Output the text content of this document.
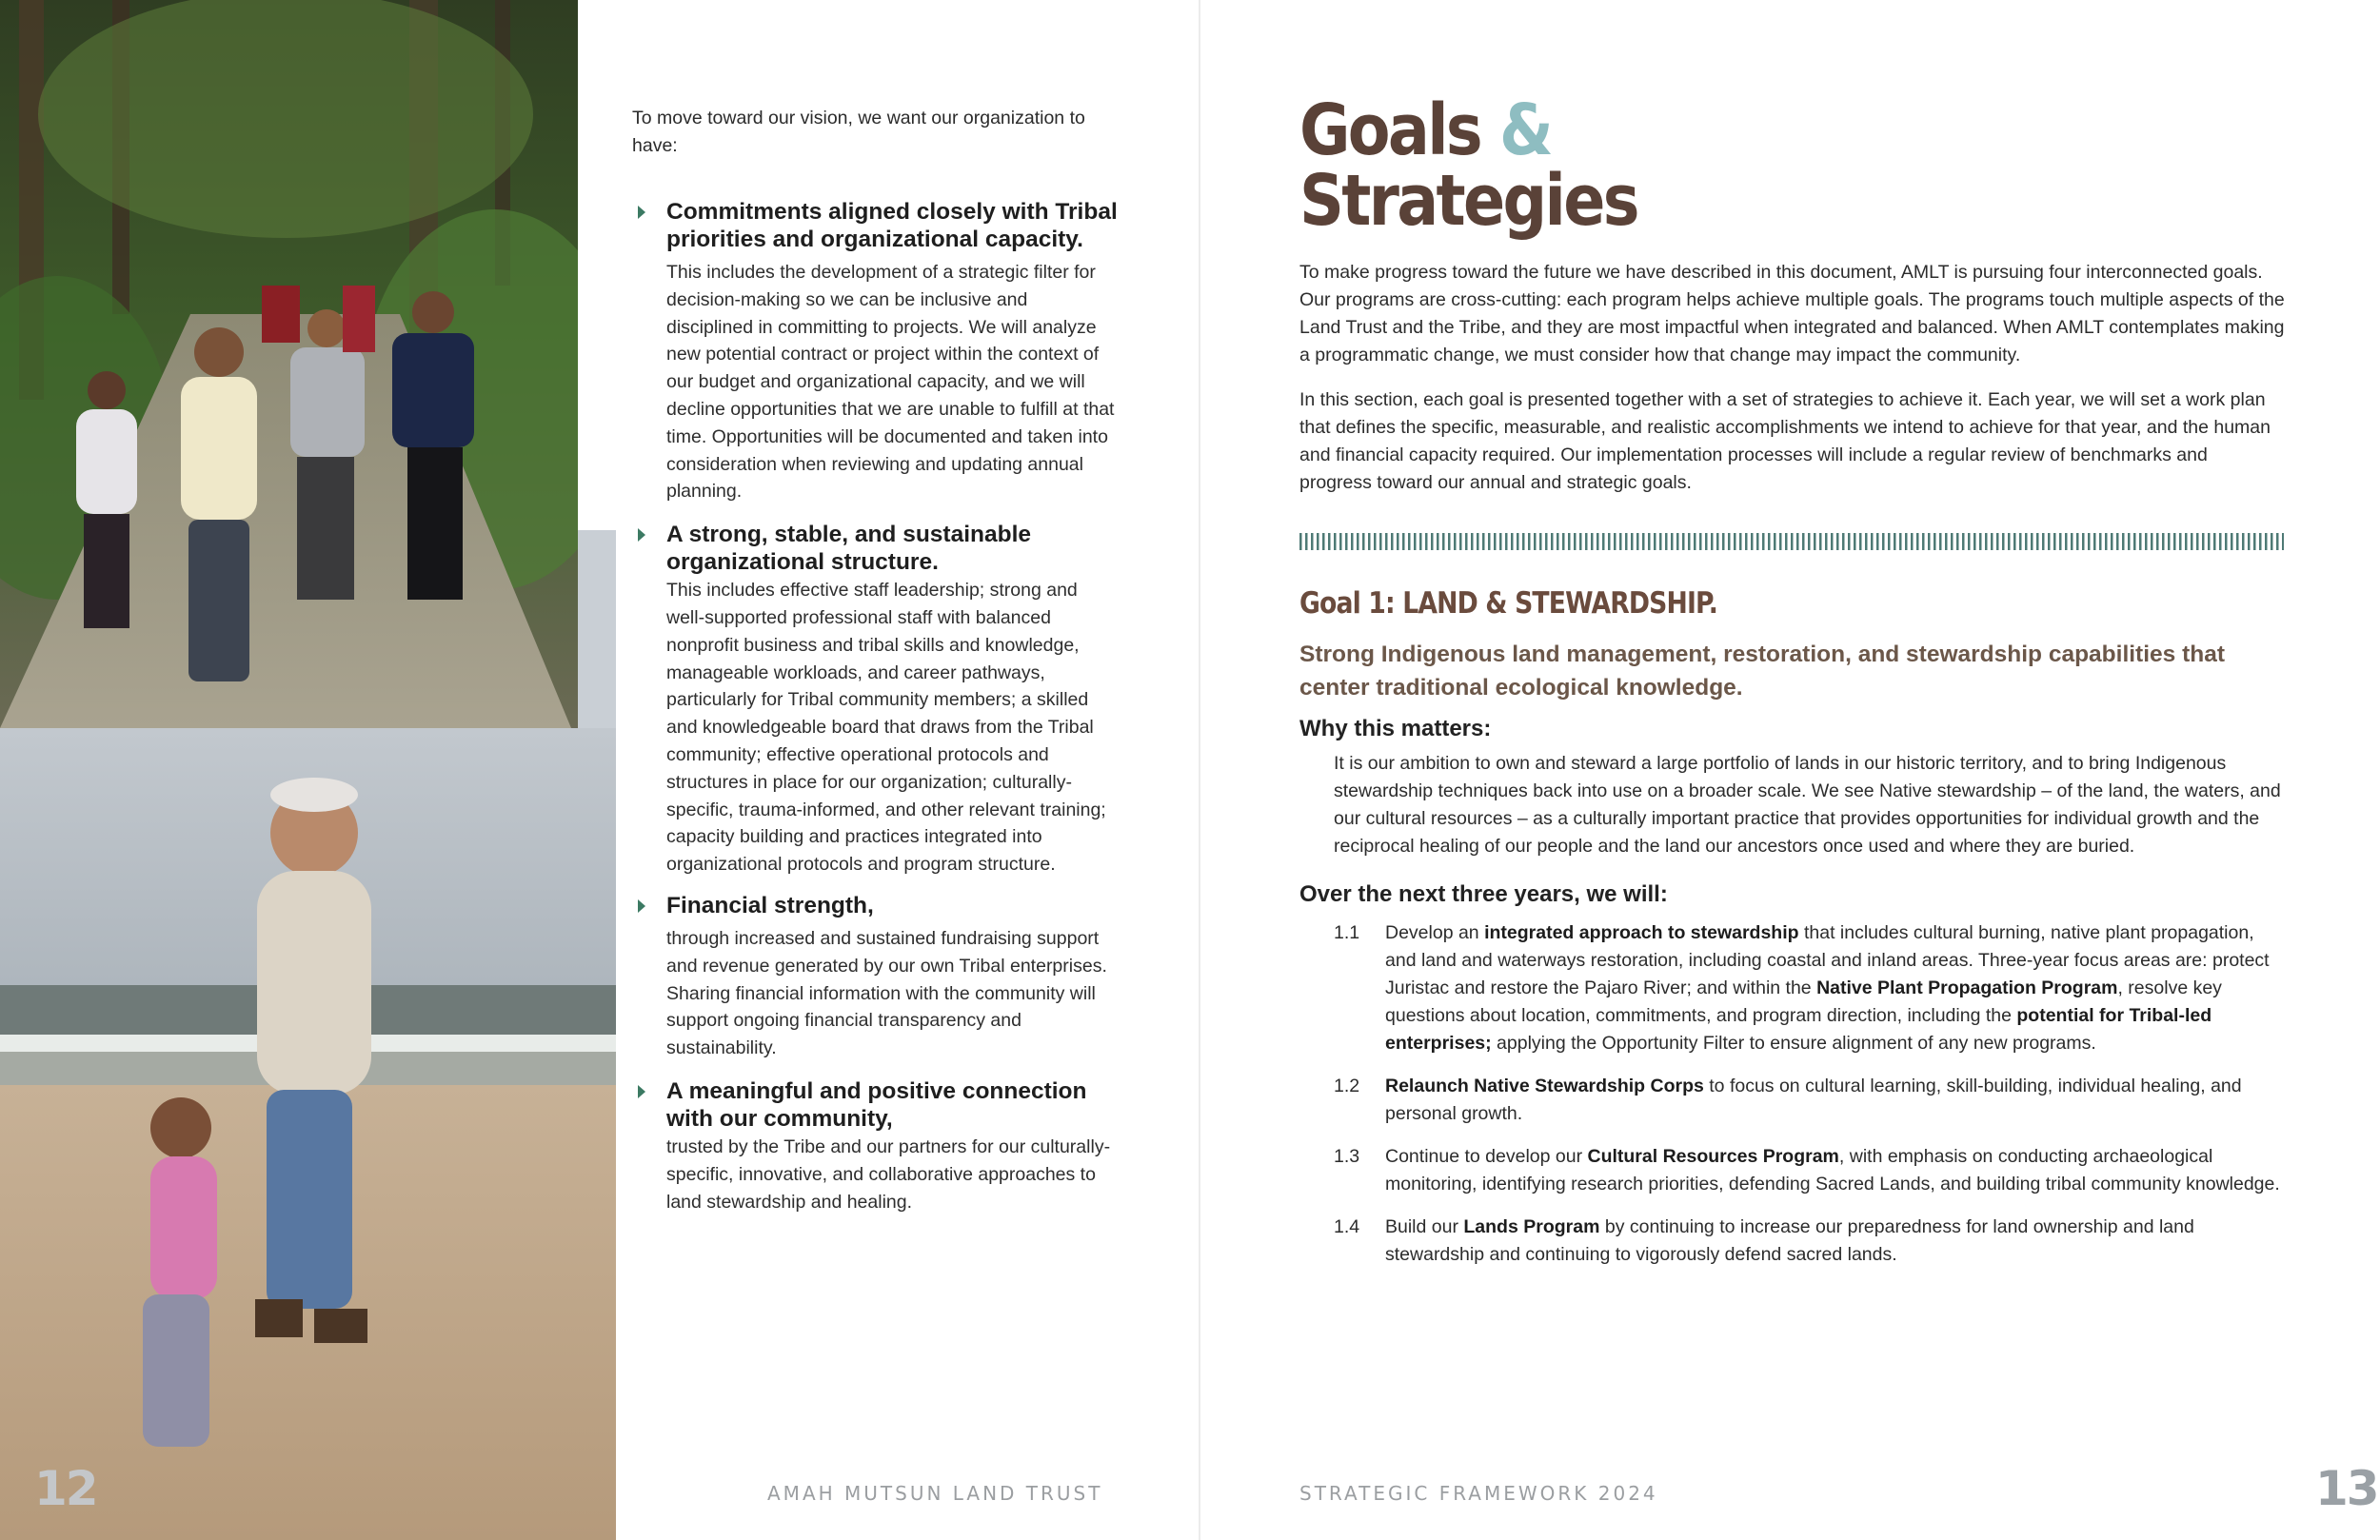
12	AMAH MUTSUN LAND TRUST

To move toward our vision, we want our organization to have:

Commitments aligned closely with Tribal priorities and organizational capacity.

This includes the development of a strategic filter for decision-making so we can be inclusive and disciplined in committing to projects. We will analyze new potential contract or project within the context of our budget and organizational capacity, and we will decline opportunities that we are unable to fulfill at that time. Opportunities will be documented and taken into consideration when reviewing and updating annual planning.

A strong, stable, and sustainable organizational structure.

This includes effective staff leadership; strong and well-supported professional staff with balanced nonprofit business and tribal skills and knowledge, manageable workloads, and career pathways, particularly for Tribal community members; a skilled and knowledgeable board that draws from the Tribal community; effective operational protocols and structures in place for our organization; culturally-specific, trauma-informed, and other relevant training; capacity building and practices integrated into organizational protocols and program structure.

Financial strength,

through increased and sustained fundraising support and revenue generated by our own Tribal enterprises. Sharing financial information with the community will support ongoing financial transparency and sustainability.

A meaningful and positive connection with our community,

trusted by the Tribe and our partners for our culturally-specific, innovative, and collaborative approaches to land stewardship and healing.

Goals &
Strategies

To make progress toward the future we have described in this document, AMLT is pursuing four interconnected goals. Our programs are cross-cutting: each program helps achieve multiple goals. The programs touch multiple aspects of the Land Trust and the Tribe, and they are most impactful when integrated and balanced. When AMLT contemplates making a programmatic change, we must consider how that change may impact the community.

In this section, each goal is presented together with a set of strategies to achieve it. Each year, we will set a work plan that defines the specific, measurable, and realistic accomplishments we intend to achieve for that year, and the human and financial capacity required. Our implementation processes will include a regular review of benchmarks and progress toward our annual and strategic goals.

Goal 1: LAND & STEWARDSHIP.

Strong Indigenous land management, restoration, and stewardship capabilities that center traditional ecological knowledge.

Why this matters:

It is our ambition to own and steward a large portfolio of lands in our historic territory, and to bring Indigenous stewardship techniques back into use on a broader scale. We see Native stewardship – of the land, the waters, and our cultural resources – as a culturally important practice that provides opportunities for individual growth and the reciprocal healing of our people and the land our ancestors once used and where they are buried.

Over the next three years, we will:
1.1 Develop an integrated approach to stewardship that includes cultural burning, native plant propagation, and land and waterways restoration, including coastal and inland areas. Three-year focus areas are: protect Juristac and restore the Pajaro River; and within the Native Plant Propagation Program, resolve key questions about location, commitments, and program direction, including the potential for Tribal-led enterprises; applying the Opportunity Filter to ensure alignment of any new programs.
1.2 Relaunch Native Stewardship Corps to focus on cultural learning, skill-building, individual healing, and personal growth.
1.3 Continue to develop our Cultural Resources Program, with emphasis on conducting archaeological monitoring, identifying research priorities, defending Sacred Lands, and building tribal community knowledge.
1.4 Build our Lands Program by continuing to increase our preparedness for land ownership and land stewardship and continuing to vigorously defend sacred lands.
STRATEGIC FRAMEWORK 2024	13
